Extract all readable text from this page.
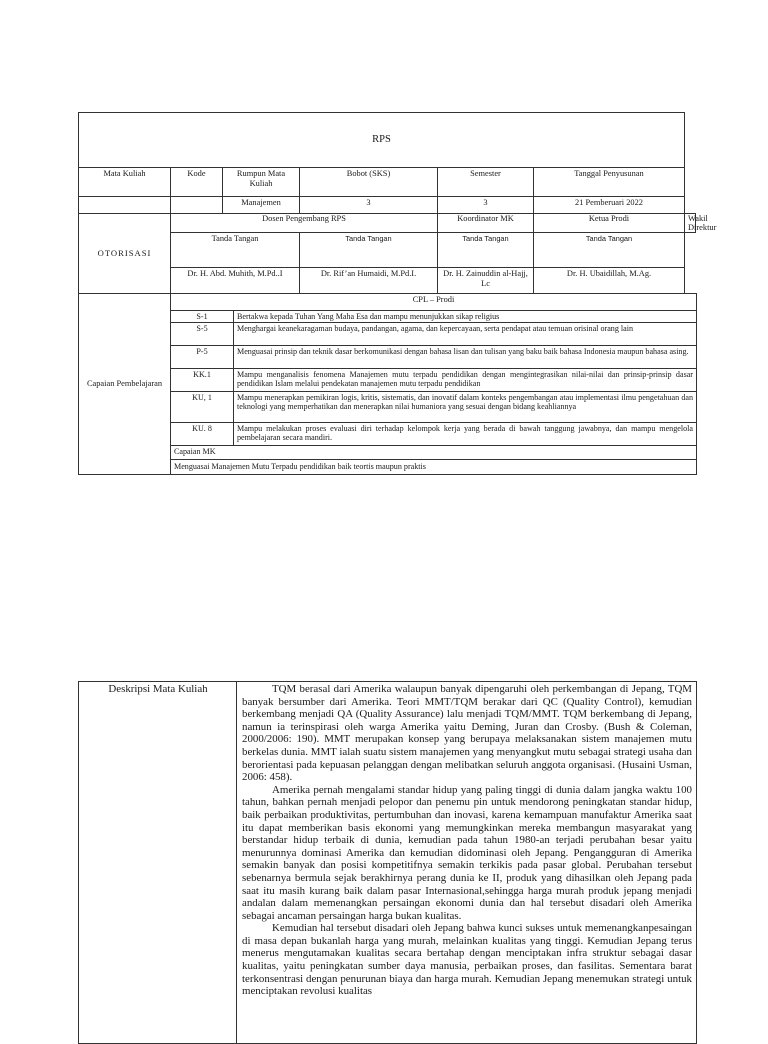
RPS						
Mata Kuliah	Kode	Rumpun Mata Kuliah	Bobot (SKS)	Semester	Tanggal Penyusunan	
		Manajemen	3	3	21 Pemberuari 2022	
OTORISASI	Dosen Pengembang RPS			Koordinator MK	Ketua Prodi	Wakil Direktur
	Tanda Tangan		Tanda Tangan	Tanda Tangan	Tanda Tangan	
	Dr. H. Abd. Muhith, M.Pd..I		Dr. Rif’an Humaidi, M.Pd.I.	Dr. H. Zainuddin al-Hajj, Lc	Dr. H. Ubaidillah, M.Ag.	
Capaian Pembelajaran	CPL – Prodi	
	S-1	Bertakwa kepada Tuhan Yang Maha Esa dan mampu menunjukkan sikap religius
	S-5	Menghargai keanekaragaman budaya, pandangan, agama, dan kepercayaan, serta pendapat atau temuan orisinal orang lain
	P-5	Menguasai prinsip dan teknik dasar berkomunikasi dengan bahasa lisan dan tulisan yang baku baik bahasa Indonesia maupun bahasa asing.
	KK.1	Mampu menganalisis fenomena Manajemen mutu terpadu pendidikan dengan mengintegrasikan nilai-nilai dan prinsip-prinsip dasar pendidikan Islam melalui pendekatan manajemen mutu terpadu pendidikan
	KU, 1	Mampu menerapkan pemikiran logis, kritis, sistematis, dan inovatif dalam konteks pengembangan atau implementasi ilmu pengetahuan dan teknologi yang memperhatikan dan menerapkan nilai humaniora yang sesuai dengan bidang keahliannya
	KU. 8	Mampu melakukan proses evaluasi diri terhadap kelompok kerja yang berada di bawah tanggung jawabnya, dan mampu mengelola pembelajaran secara mandiri.
	Capaian MK	
	Menguasai Manajemen Mutu Terpadu pendidikan baik teortis maupun praktis	
Deskripsi Mata Kuliah	TQM berasal dari Amerika walaupun banyak dipengaruhi oleh perkembangan di Jepang, TQM banyak bersumber dari Amerika. Teori MMT/TQM berakar dari QC (Quality Control), kemudian berkembang menjadi QA (Quality Assurance) lalu menjadi TQM/MMT. TQM berkembang di Jepang, namun ia terinspirasi oleh warga Amerika yaitu Deming, Juran dan Crosby. (Bush & Coleman, 2000/2006: 190). MMT merupakan konsep yang berupaya melaksanakan sistem manajemen mutu berkelas dunia. MMT ialah suatu sistem manajemen yang menyangkut mutu sebagai strategi usaha dan berorientasi pada kepuasan pelanggan dengan melibatkan seluruh anggota organisasi. (Husaini Usman, 2006: 458).

Amerika pernah mengalami standar hidup yang paling tinggi di dunia dalam jangka waktu 100 tahun, bahkan pernah menjadi pelopor dan penemu pin untuk mendorong peningkatan standar hidup, baik perbaikan produktivitas, pertumbuhan dan inovasi, karena kemampuan manufaktur Amerika saat itu dapat memberikan basis ekonomi yang memungkinkan mereka membangun masyarakat yang berstandar hidup terbaik di dunia, kemudian pada tahun 1980-an terjadi perubahan besar yaitu menurunnya dominasi Amerika dan kemudian didominasi oleh Jepang. Pengangguran di Amerika semakin banyak dan posisi kompetitifnya semakin terkikis pada pasar global. Perubahan tersebut sebenarnya bermula sejak berakhirnya perang dunia ke II, produk yang dihasilkan oleh Jepang pada saat itu masih kurang baik dalam pasar Internasional,sehingga harga murah produk jepang menjadi andalan dalam memenangkan persaingan ekonomi dunia dan hal tersebut disadari oleh Amerika sebagai ancaman persaingan harga bukan kualitas.

Kemudian hal tersebut disadari oleh Jepang bahwa kunci sukses untuk memenangkanpesaingan di masa depan bukanlah harga yang murah, melainkan kualitas yang tinggi. Kemudian Jepang terus menerus mengutamakan kualitas secara bertahap dengan menciptakan infra struktur sebagai dasar kualitas, yaitu peningkatan sumber daya manusia, perbaikan proses, dan fasilitas. Sementara barat terkonsentrasi dengan penurunan biaya dan harga murah. Kemudian Jepang menemukan strategi untuk menciptakan revolusi kualitas
